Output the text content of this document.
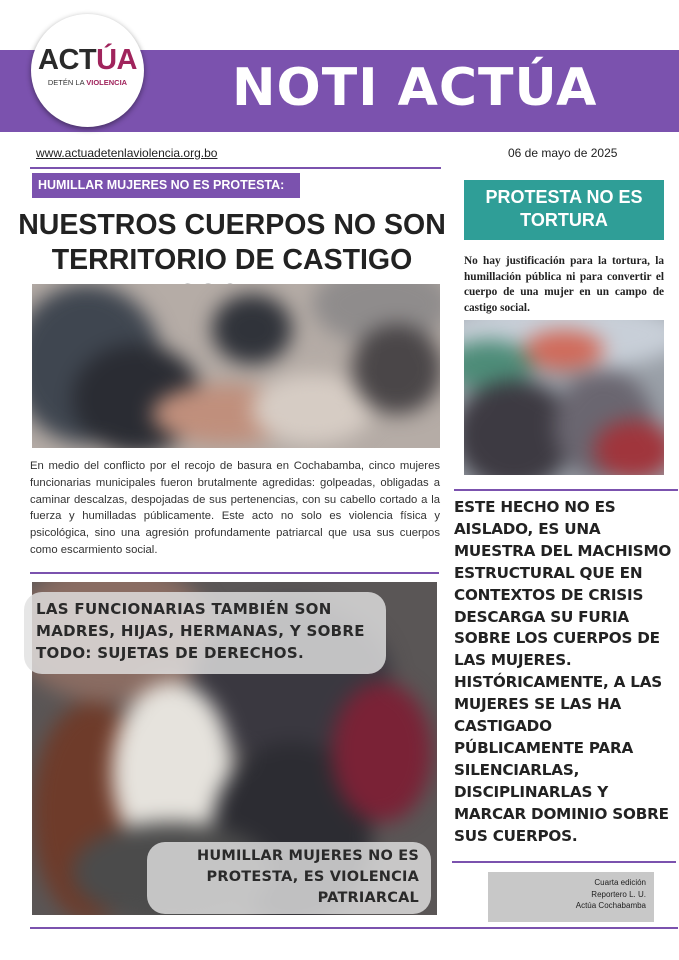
NOTI ACTÚA
ACTÚA
DETÉN LA VIOLENCIA
www.actuadetenlaviolencia.org.bo	06 de mayo de 2025
HUMILLAR MUJERES NO ES PROTESTA:
NUESTROS CUERPOS NO SON TERRITORIO DE CASTIGO
En medio del conflicto por el recojo de basura en Cochabamba, cinco mujeres funcionarias municipales fueron brutalmente agredidas: golpeadas, obligadas a caminar descalzas, despojadas de sus pertenencias, con su cabello cortado a la fuerza y humilladas públicamente. Este acto no solo es violencia física y psicológica, sino una agresión profundamente patriarcal que usa sus cuerpos como escarmiento social.
LAS FUNCIONARIAS TAMBIÉN SON MADRES, HIJAS, HERMANAS, Y SOBRE TODO: SUJETAS DE DERECHOS.
HUMILLAR MUJERES NO ES PROTESTA, ES VIOLENCIA PATRIARCAL
PROTESTA NO ES TORTURA
No hay justificación para la tortura, la humillación pública ni para convertir el cuerpo de una mujer en un campo de castigo social.
ESTE HECHO NO ES AISLADO, ES UNA MUESTRA DEL MACHISMO ESTRUCTURAL QUE EN CONTEXTOS DE CRISIS DESCARGA SU FURIA SOBRE LOS CUERPOS DE LAS MUJERES. HISTÓRICAMENTE, A LAS MUJERES SE LAS HA CASTIGADO PÚBLICAMENTE PARA SILENCIARLAS, DISCIPLINARLAS Y MARCAR DOMINIO SOBRE SUS CUERPOS.
Cuarta edición
Reportero L. U.
Actúa Cochabamba
